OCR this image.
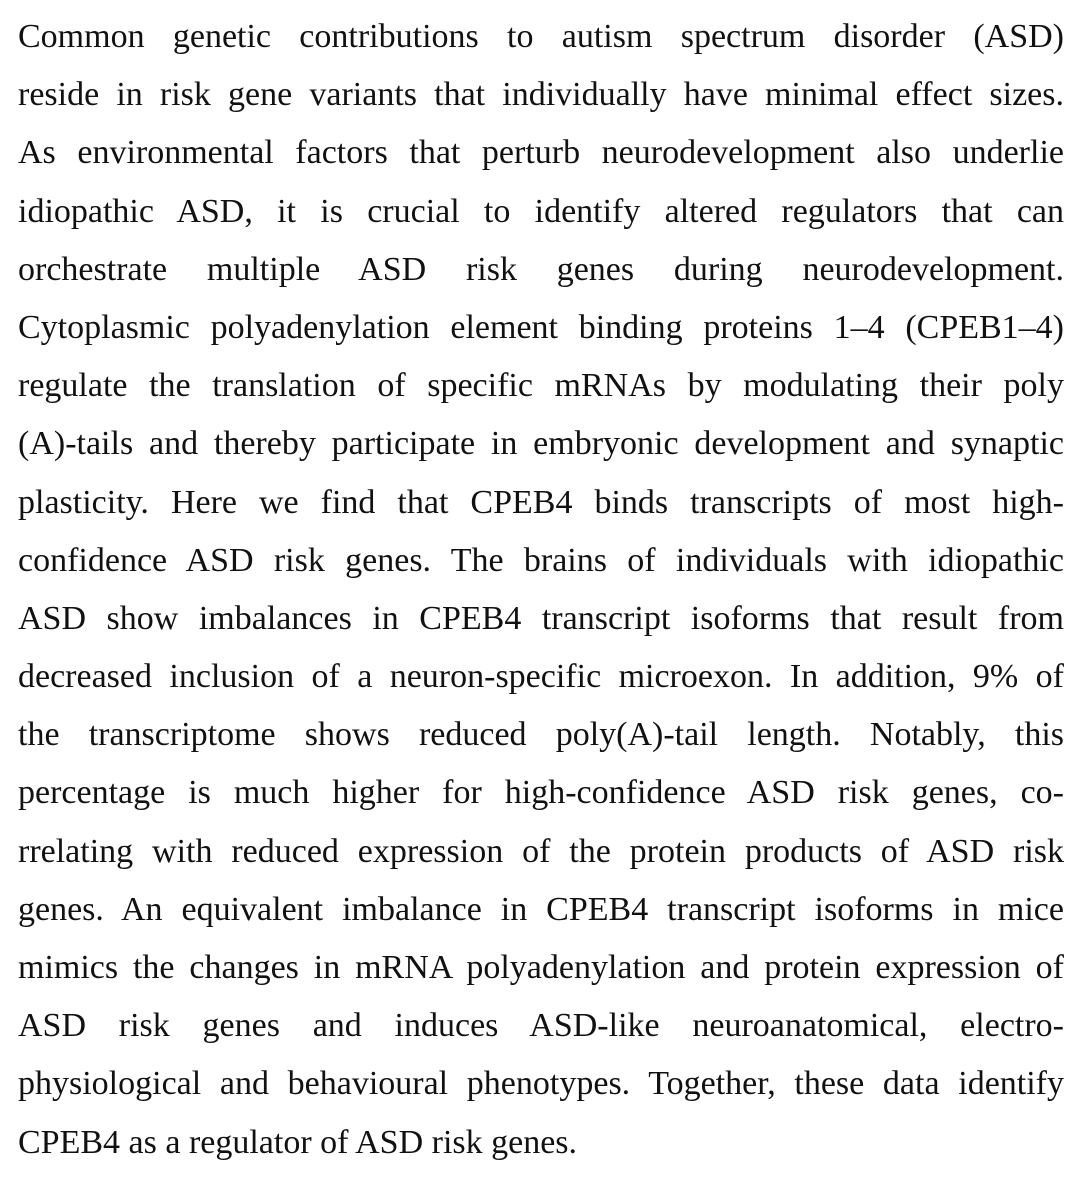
Common genetic contributions to autism spectrum disorder (ASD)
reside in risk gene variants that individually have minimal effect sizes.
As environmental factors that perturb neurodevelopment also underlie
idiopathic ASD, it is crucial to identify altered regulators that can
orchestrate multiple ASD risk genes during neurodevelopment.
Cytoplasmic polyadenylation element binding proteins 1–4 (CPEB1–4)
regulate the translation of specific mRNAs by modulating their poly
(A)-tails and thereby participate in embryonic development and synaptic
plasticity. Here we find that CPEB4 binds transcripts of most high-
confidence ASD risk genes. The brains of individuals with idiopathic
ASD show imbalances in CPEB4 transcript isoforms that result from
decreased inclusion of a neuron-specific microexon. In addition, 9% of
the transcriptome shows reduced poly(A)-tail length. Notably, this
percentage is much higher for high-confidence ASD risk genes, co-
rrelating with reduced expression of the protein products of ASD risk
genes. An equivalent imbalance in CPEB4 transcript isoforms in mice
mimics the changes in mRNA polyadenylation and protein expression of
ASD risk genes and induces ASD-like neuroanatomical, electro-
physiological and behavioural phenotypes. Together, these data identify
CPEB4 as a regulator of ASD risk genes.
